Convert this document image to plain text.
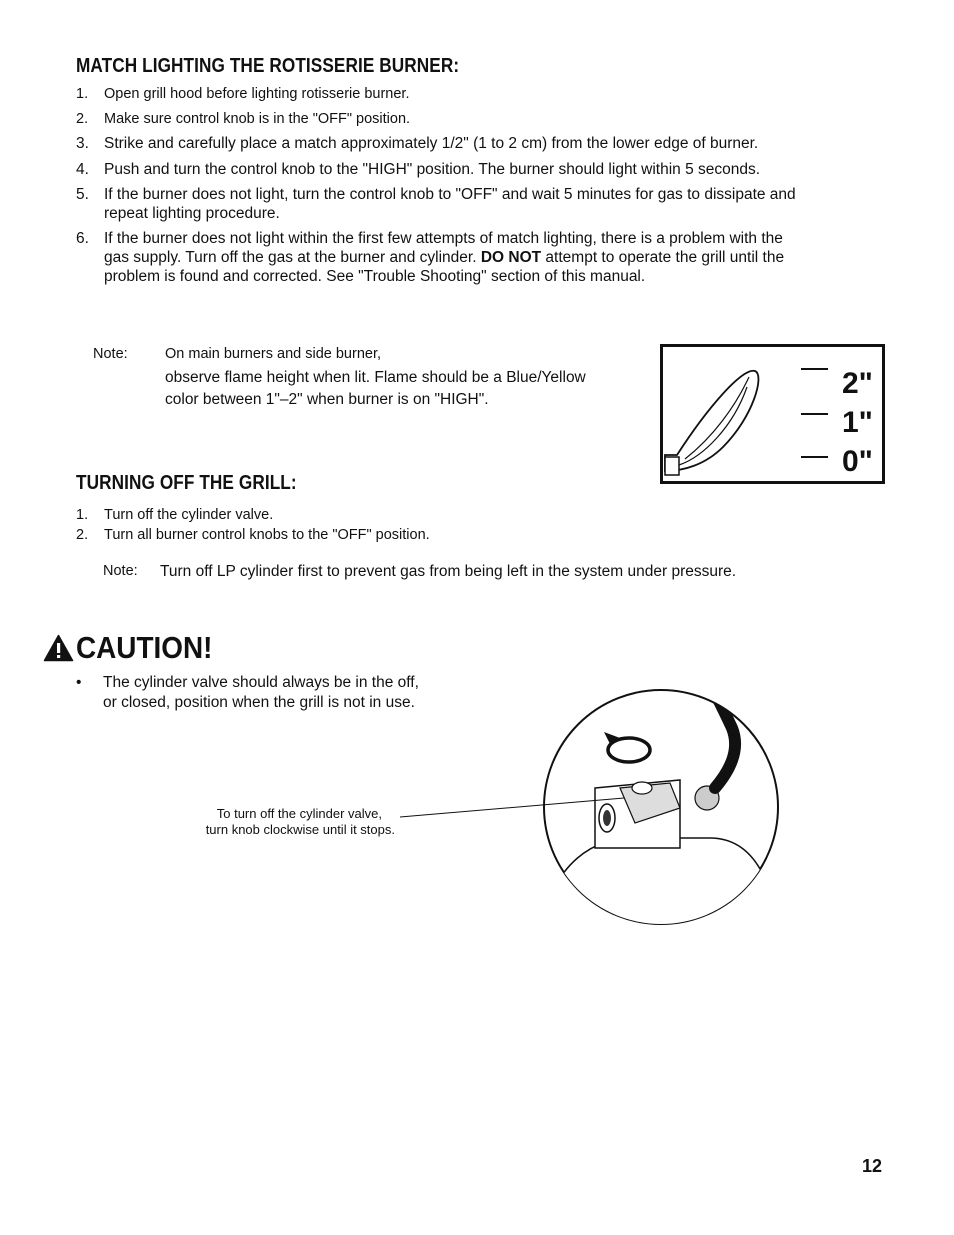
MATCH LIGHTING THE ROTISSERIE BURNER:
1. Open grill hood before lighting rotisserie burner.
2. Make sure control knob is in the "OFF" position.
3. Strike and carefully place a match approximately 1/2" (1 to 2 cm) from the lower edge of burner.
4. Push and turn the control knob to the "HIGH" position. The burner should light within 5 seconds.
5. If the burner does not light, turn the control knob to "OFF" and wait 5 minutes for gas to dissipate and
repeat lighting procedure.
6. If the burner does not light within the first few attempts of match lighting, there is a problem with the
gas supply. Turn off the gas at the burner and cylinder. DO NOT attempt to operate the grill until the
problem is found and corrected. See "Trouble Shooting" section of this manual.
Note:	On main burners and side burner,
observe flame height when lit. Flame should be a Blue/Yellow
color between 1"–2" when burner is on "HIGH".	2"
1"
0"
TURNING OFF THE GRILL:
1. Turn off the cylinder valve.
2. Turn all burner control knobs to the "OFF" position.
Note: Turn off LP cylinder first to prevent gas from being left in the system under pressure.
CAUTION!
• The cylinder valve should always be in the off,
or closed, position when the grill is not in use.
To turn off the cylinder valve,
turn knob clockwise until it stops.
12
